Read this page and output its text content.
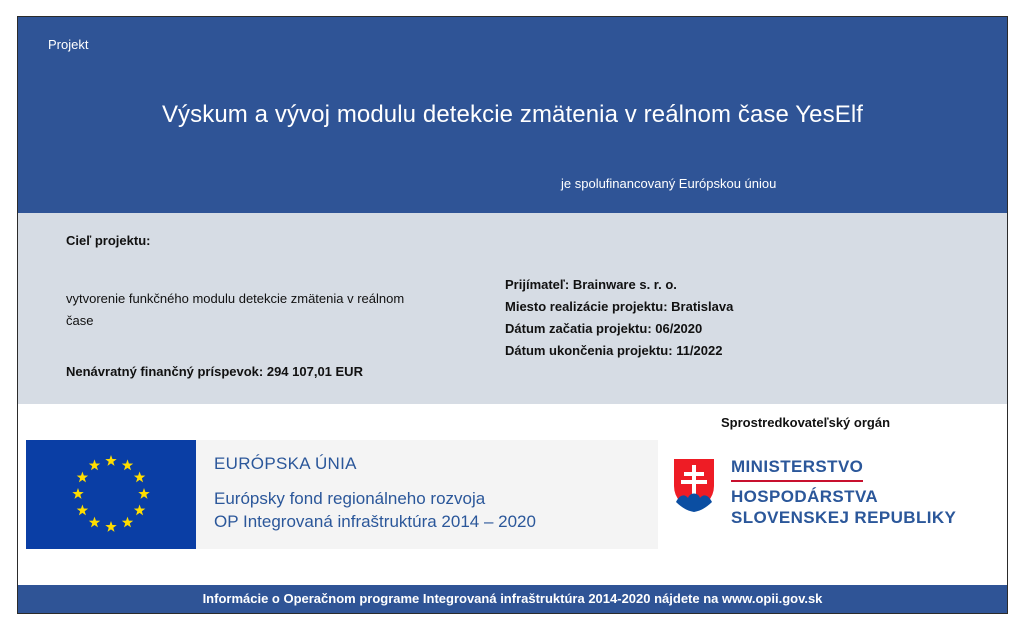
Projekt
Výskum a vývoj modulu detekcie zmätenia v reálnom čase YesElf
je spolufinancovaný Európskou úniou
Cieľ projektu:
vytvorenie funkčného modulu detekcie zmätenia v reálnom čase
Nenávratný finančný príspevok: 294 107,01 EUR
Prijímateľ: Brainware s. r. o.
Miesto realizácie projektu: Bratislava
Dátum začatia projektu: 06/2020
Dátum ukončenia projektu: 11/2022
EURÓPSKA ÚNIA
Európsky fond regionálneho rozvoja
OP Integrovaná infraštruktúra 2014 – 2020
Sprostredkovateľský orgán
MINISTERSTVO
HOSPODÁRSTVA
SLOVENSKEJ REPUBLIKY
Informácie o Operačnom programe Integrovaná infraštruktúra 2014-2020 nájdete na www.opii.gov.sk
